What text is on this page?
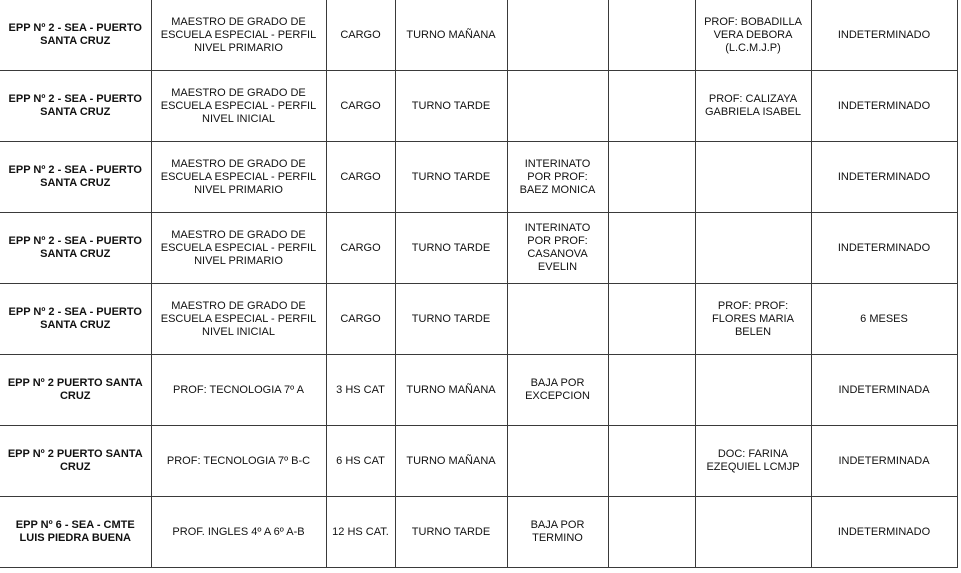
EPP Nº 2 - SEA - PUERTO SANTA CRUZ	MAESTRO DE GRADO DE ESCUELA ESPECIAL - PERFIL NIVEL PRIMARIO	CARGO	TURNO MAÑANA			PROF: BOBADILLA VERA DEBORA (L.C.M.J.P)	INDETERMINADO
EPP Nº 2 - SEA - PUERTO SANTA CRUZ	MAESTRO DE GRADO DE ESCUELA ESPECIAL - PERFIL NIVEL INICIAL	CARGO	TURNO TARDE			PROF: CALIZAYA GABRIELA ISABEL	INDETERMINADO
EPP Nº 2 - SEA - PUERTO SANTA CRUZ	MAESTRO DE GRADO DE ESCUELA ESPECIAL - PERFIL NIVEL PRIMARIO	CARGO	TURNO TARDE	INTERINATO POR PROF: BAEZ MONICA			INDETERMINADO
EPP Nº 2 - SEA - PUERTO SANTA CRUZ	MAESTRO DE GRADO DE ESCUELA ESPECIAL - PERFIL NIVEL PRIMARIO	CARGO	TURNO TARDE	INTERINATO POR PROF: CASANOVA EVELIN			INDETERMINADO
EPP Nº 2 - SEA - PUERTO SANTA CRUZ	MAESTRO DE GRADO DE ESCUELA ESPECIAL - PERFIL NIVEL INICIAL	CARGO	TURNO TARDE			PROF: PROF: FLORES MARIA BELEN	6 MESES
EPP Nº 2 PUERTO SANTA CRUZ	PROF: TECNOLOGIA 7º A	3 HS CAT	TURNO MAÑANA	BAJA POR EXCEPCION			INDETERMINADA
EPP Nº 2 PUERTO SANTA CRUZ	PROF: TECNOLOGIA 7º B-C	6 HS CAT	TURNO MAÑANA			DOC: FARINA EZEQUIEL LCMJP	INDETERMINADA
EPP Nº 6 - SEA - CMTE LUIS PIEDRA BUENA	PROF. INGLES 4º A 6º A-B	12 HS CAT.	TURNO TARDE	BAJA POR TERMINO			INDETERMINADO
